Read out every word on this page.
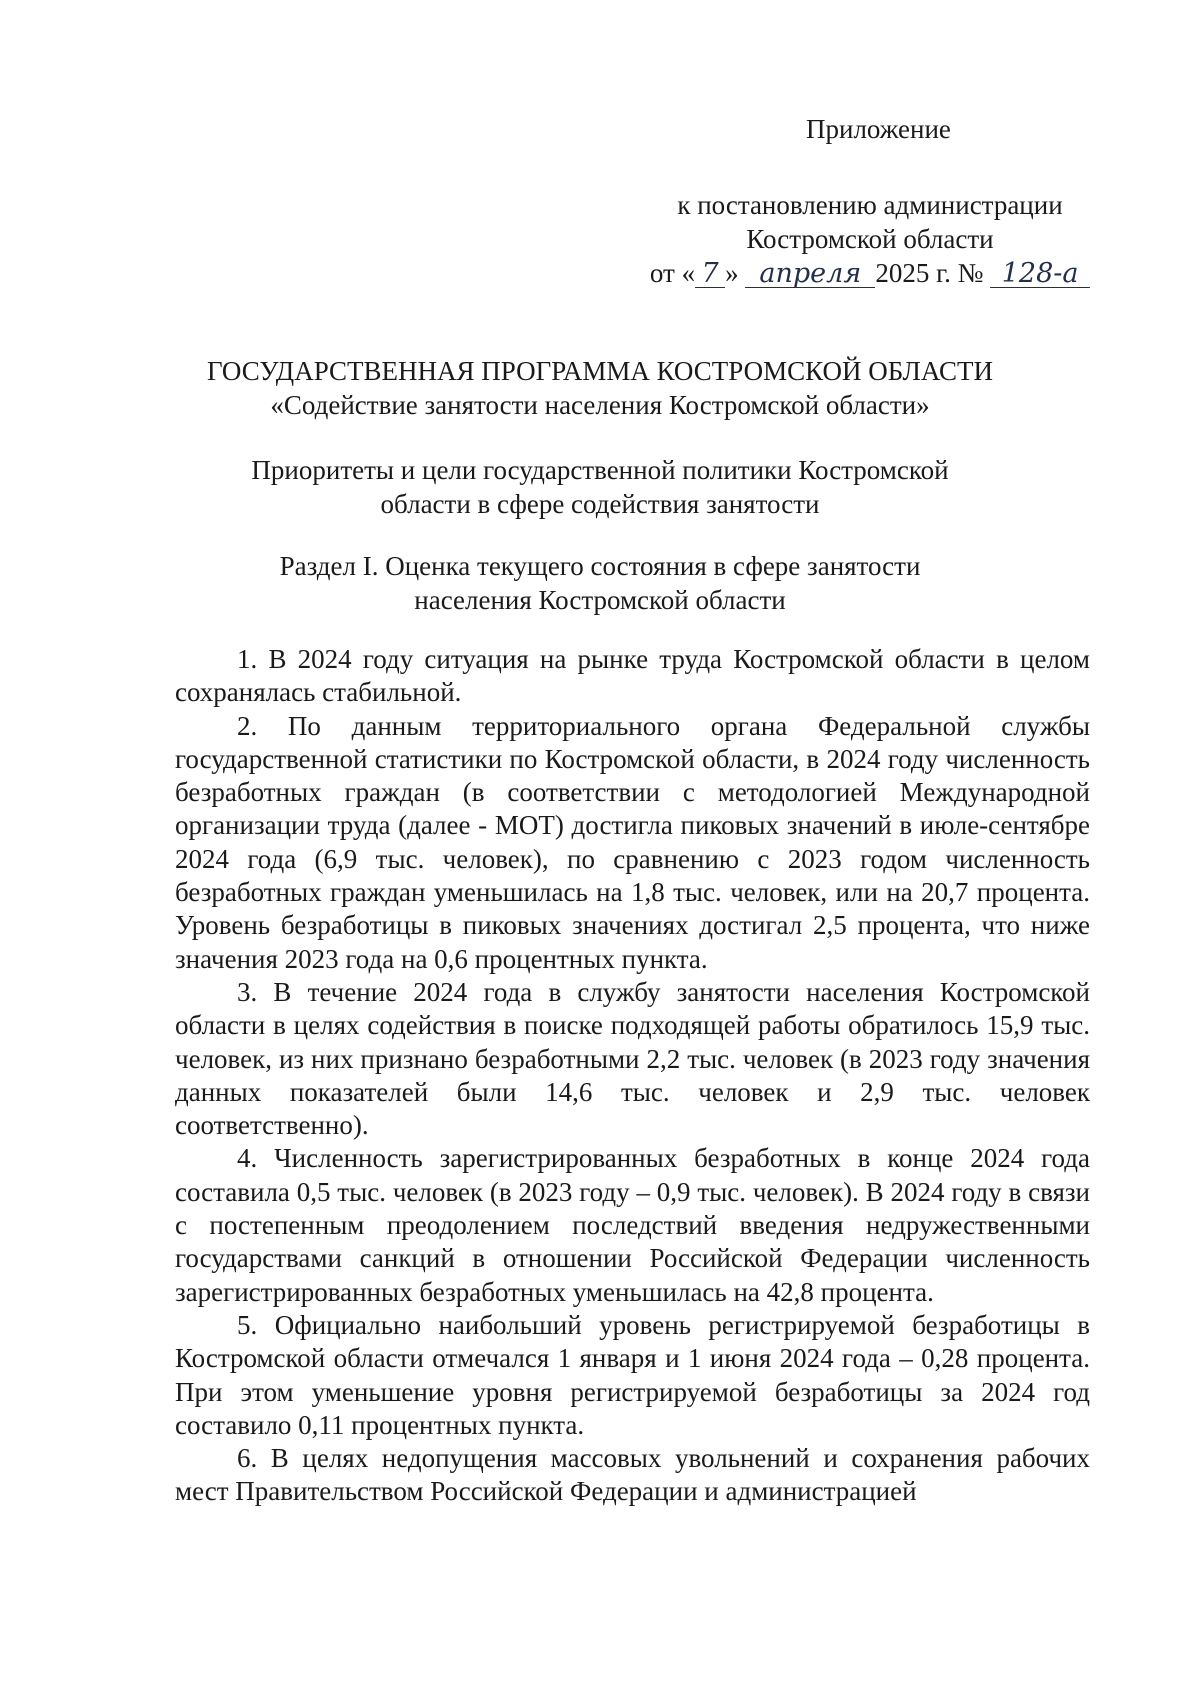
Приложение
к постановлению администрации
Костромской области
от « 7 » апреля 2025 г. № 128-а
ГОСУДАРСТВЕННАЯ ПРОГРАММА КОСТРОМСКОЙ ОБЛАСТИ
«Содействие занятости населения Костромской области»
Приоритеты и цели государственной политики Костромской
области в сфере содействия занятости
Раздел I. Оценка текущего состояния в сфере занятости
населения Костромской области

1. В 2024 году ситуация на рынке труда Костромской области в целом сохранялась стабильной.

2. По данным территориального органа Федеральной службы государственной статистики по Костромской области, в 2024 году численность безработных граждан (в соответствии с методологией Международной организации труда (далее - МОТ) достигла пиковых значений в июле-сентябре 2024 года (6,9 тыс. человек), по сравнению с 2023 годом численность безработных граждан уменьшилась на 1,8 тыс. человек, или на 20,7 процента. Уровень безработицы в пиковых значениях достигал 2,5 процента, что ниже значения 2023 года на 0,6 процентных пункта.

3. В течение 2024 года в службу занятости населения Костромской области в целях содействия в поиске подходящей работы обратилось 15,9 тыс. человек, из них признано безработными 2,2 тыс. человек (в 2023 году значения данных показателей были 14,6 тыс. человек и 2,9 тыс. человек соответственно).

4. Численность зарегистрированных безработных в конце 2024 года составила 0,5 тыс. человек (в 2023 году – 0,9 тыс. человек). В 2024 году в связи с постепенным преодолением последствий введения недружественными государствами санкций в отношении Российской Федерации численность зарегистрированных безработных уменьшилась на 42,8 процента.

5. Официально наибольший уровень регистрируемой безработицы в Костромской области отмечался 1 января и 1 июня 2024 года – 0,28 процента. При этом уменьшение уровня регистрируемой безработицы за 2024 год составило 0,11 процентных пункта.

6. В целях недопущения массовых увольнений и сохранения рабочих мест Правительством Российской Федерации и администрацией
